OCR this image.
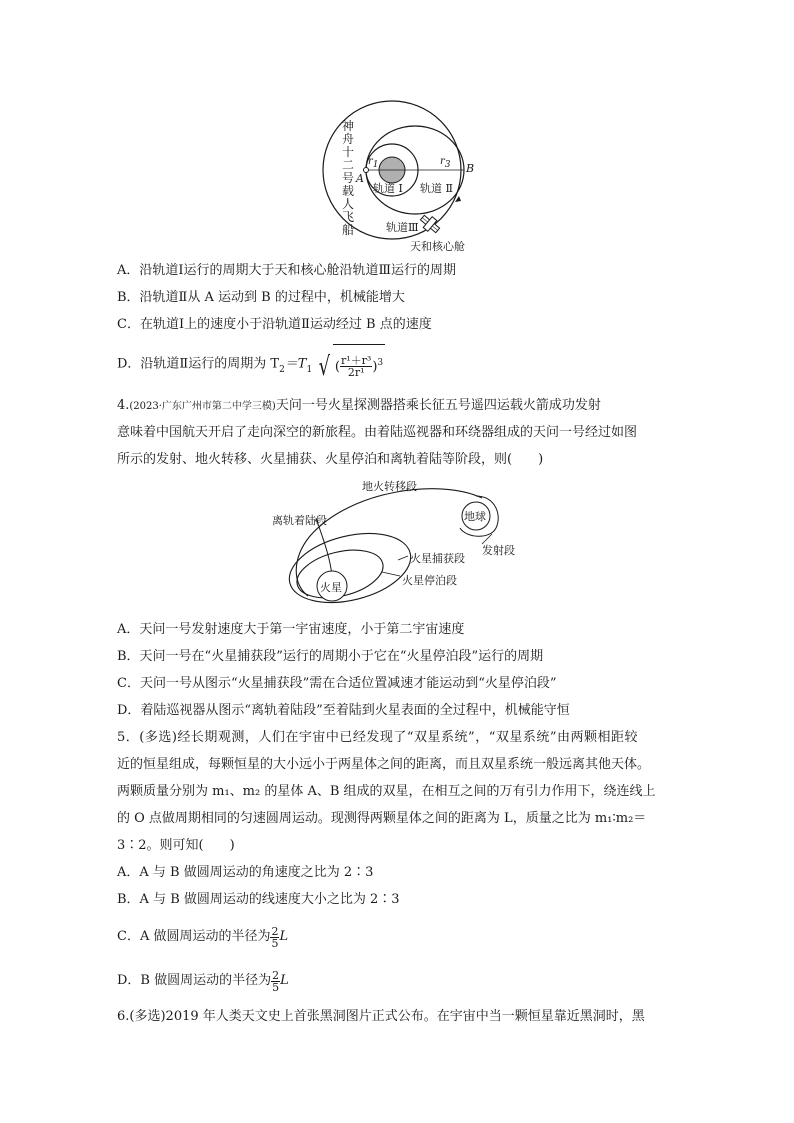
神
舟
十
二
号
载
人
飞
船
$r_1$	$r_3$
A
B
轨道 Ⅰ 轨道 Ⅱ
轨道Ⅲ
天和核心舱
A．沿轨道Ⅰ运行的周期大于天和核心舱沿轨道Ⅲ运行的周期
B．沿轨道Ⅱ从 A 运动到 B 的过程中，机械能增大
C．在轨道Ⅰ上的速度小于沿轨道Ⅱ运动经过 B 点的速度
D．沿轨道Ⅱ运行的周期为 $T_2=T_1$ √ ( $\frac{\text{r¹＋r³}}{\text{2r¹}} )^3$
4.(2023·广东广州市第二中学三模)天问一号火星探测器搭乘长征五号遥四运载火箭成功发射
意味着中国航天开启了走向深空的新旅程。由着陆巡视器和环绕器组成的天问一号经过如图
所示的发射、地火转移、火星捕获、火星停泊和离轨着陆等阶段，则(　　)
地火转移段
离轨着陆段	地球
发射段
火星捕获段
火星
火星停泊段
A．天问一号发射速度大于第一宇宙速度，小于第二宇宙速度
B．天问一号在“火星捕获段”运行的周期小于它在“火星停泊段”运行的周期
C．天问一号从图示“火星捕获段”需在合适位置减速才能运动到“火星停泊段”
D．着陆巡视器从图示“离轨着陆段”至着陆到火星表面的全过程中，机械能守恒
5．(多选)经长期观测，人们在宇宙中已经发现了“双星系统”，“双星系统”由两颗相距较
近的恒星组成，每颗恒星的大小远小于两星体之间的距离，而且双星系统一般远离其他天体。
两颗质量分别为 m₁、m₂ 的星体 A、B 组成的双星，在相互之间的万有引力作用下，绕连线上
的 O 点做周期相同的匀速圆周运动。现测得两颗星体之间的距离为 L，质量之比为 m₁∶m₂＝
3∶2。则可知(　　)
A．A 与 B 做圆周运动的角速度之比为 2∶3
B．A 与 B 做圆周运动的线速度大小之比为 2∶3
C．A 做圆周运动的半径为 $\frac{2}{5}$ L
D．B 做圆周运动的半径为 $\frac{2}{5}$ L
6.(多选)2019 年人类天文史上首张黑洞图片正式公布。在宇宙中当一颗恒星靠近黑洞时，黑
